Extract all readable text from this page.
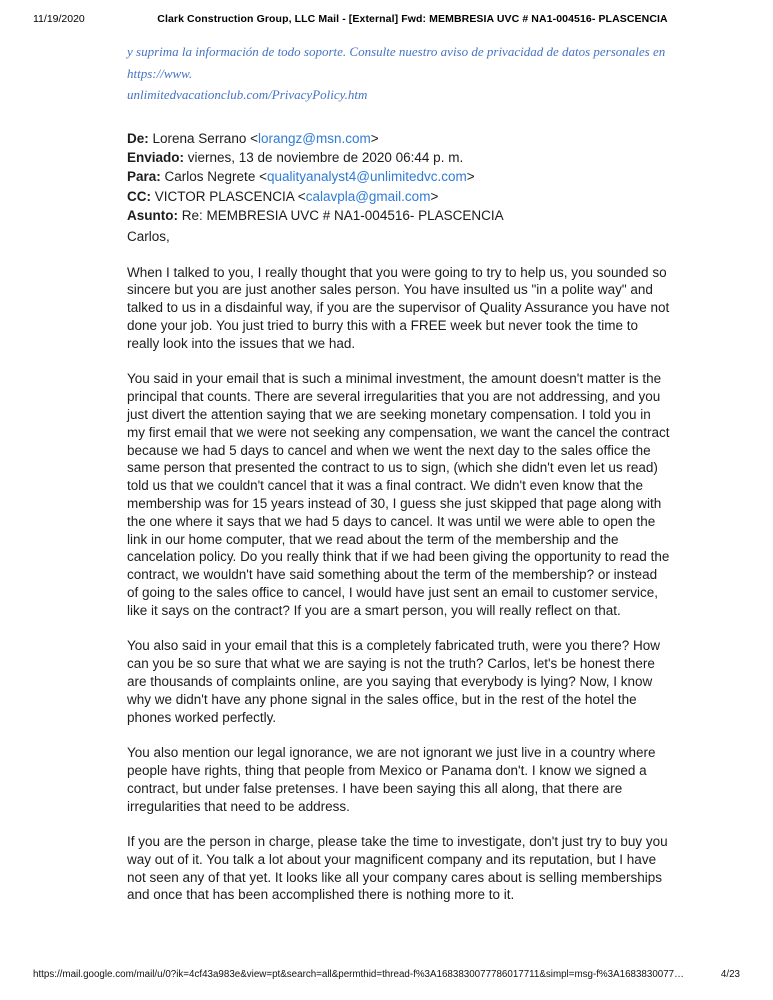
11/19/2020	Clark Construction Group, LLC Mail - [External] Fwd: MEMBRESIA UVC # NA1-004516- PLASCENCIA
y suprima la información de todo soporte. Consulte nuestro aviso de privacidad de datos personales en https://www.
unlimitedvacationclub.com/PrivacyPolicy.htm
De: Lorena Serrano <lorangz@msn.com>
Enviado: viernes, 13 de noviembre de 2020 06:44 p. m.
Para: Carlos Negrete <qualityanalyst4@unlimitedvc.com>
CC: VICTOR PLASCENCIA <calavpla@gmail.com>
Asunto: Re: MEMBRESIA UVC # NA1-004516- PLASCENCIA

Carlos,

When I talked to you, I really thought that you were going to try to help us, you sounded so sincere but you are just another sales person. You have insulted us "in a polite way" and talked to us in a disdainful way, if you are the supervisor of Quality Assurance you have not done your job. You just tried to burry this with a FREE week but never took the time to really look into the issues that we had.

You said in your email that is such a minimal investment, the amount doesn't matter is the principal that counts. There are several irregularities that you are not addressing, and you just divert the attention saying that we are seeking monetary compensation. I told you in my first email that we were not seeking any compensation, we want the cancel the contract because we had 5 days to cancel and when we went the next day to the sales office the same person that presented the contract to us to sign, (which she didn't even let us read) told us that we couldn't cancel that it was a final contract. We didn't even know that the membership was for 15 years instead of 30, I guess she just skipped that page along with the one where it says that we had 5 days to cancel. It was until we were able to open the link in our home computer, that we read about the term of the membership and the cancelation policy. Do you really think that if we had been giving the opportunity to read the contract, we wouldn't have said something about the term of the membership? or instead of going to the sales office to cancel, I would have just sent an email to customer service, like it says on the contract? If you are a smart person, you will really reflect on that.

You also said in your email that this is a completely fabricated truth, were you there? How can you be so sure that what we are saying is not the truth? Carlos, let's be honest there are thousands of complaints online, are you saying that everybody is lying? Now, I know why we didn't have any phone signal in the sales office, but in the rest of the hotel the phones worked perfectly.

You also mention our legal ignorance, we are not ignorant we just live in a country where people have rights, thing that people from Mexico or Panama don't. I know we signed a contract, but under false pretenses. I have been saying this all along, that there are irregularities that need to be address.

If you are the person in charge, please take the time to investigate, don't just try to buy you way out of it. You talk a lot about your magnificent company and its reputation, but I have not seen any of that yet. It looks like all your company cares about is selling memberships and once that has been accomplished there is nothing more to it.

https://mail.google.com/mail/u/0?ik=4cf43a983e&view=pt&search=all&permthid=thread-f%3A1683830077786017711&simpl=msg-f%3A1683830077…	4/23
